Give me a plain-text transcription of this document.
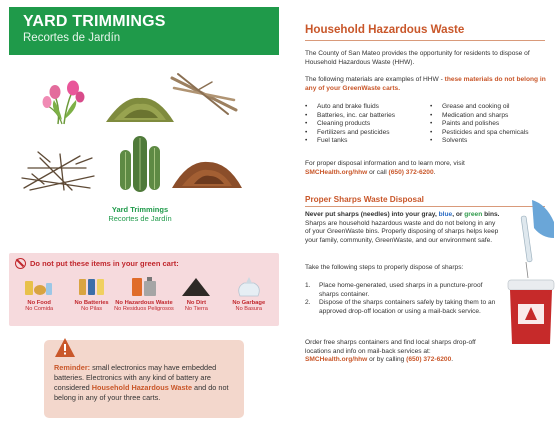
YARD TRIMMINGS
Recortes de Jardín
Yard Trimmings
Recortes de Jardín
Do not put these items in your green cart:
No Food
No Comida
No Batteries
No Pilas
No Hazardous Waste
No Residuos Peligrosos
No Dirt
No Tierra
No Garbage
No Basura
Reminder: small electronics may have embedded batteries. Electronics with any kind of battery are considered Household Hazardous Waste and do not belong in any of your three carts.
Household Hazardous Waste
The County of San Mateo provides the opportunity for residents to dispose of Household Hazardous Waste (HHW).
The following materials are examples of HHW - these materials do not belong in any of your GreenWaste carts.
•	Auto and brake fluids
•	Batteries, inc. car batteries
•	Cleaning products
•	Fertilizers and pesticides
•	Fuel tanks
•	Grease and cooking oil
•	Medication and sharps
•	Paints and polishes
•	Pesticides and spa chemicals
•	Solvents
For proper disposal information and to learn more, visit
SMCHealth.org/hhw or call (650) 372-6200.
Proper Sharps Waste Disposal
Never put sharps (needles) into your gray, blue, or green bins. Sharps are household hazardous waste and do not belong in any of your GreenWaste bins. Properly disposing of sharps helps keep your family, community, GreenWaste, and our environment safe.
Take the following steps to properly dispose of sharps:
1.	Place home-generated, used sharps in a puncture-proof sharps container.
2.	Dispose of the sharps containers safely by taking them to an approved drop-off location or using a mail-back service.
Order free sharps containers and find local sharps drop-off locations and info on mail-back services at:
SMCHealth.org/hhw or by calling (650) 372-6200.
